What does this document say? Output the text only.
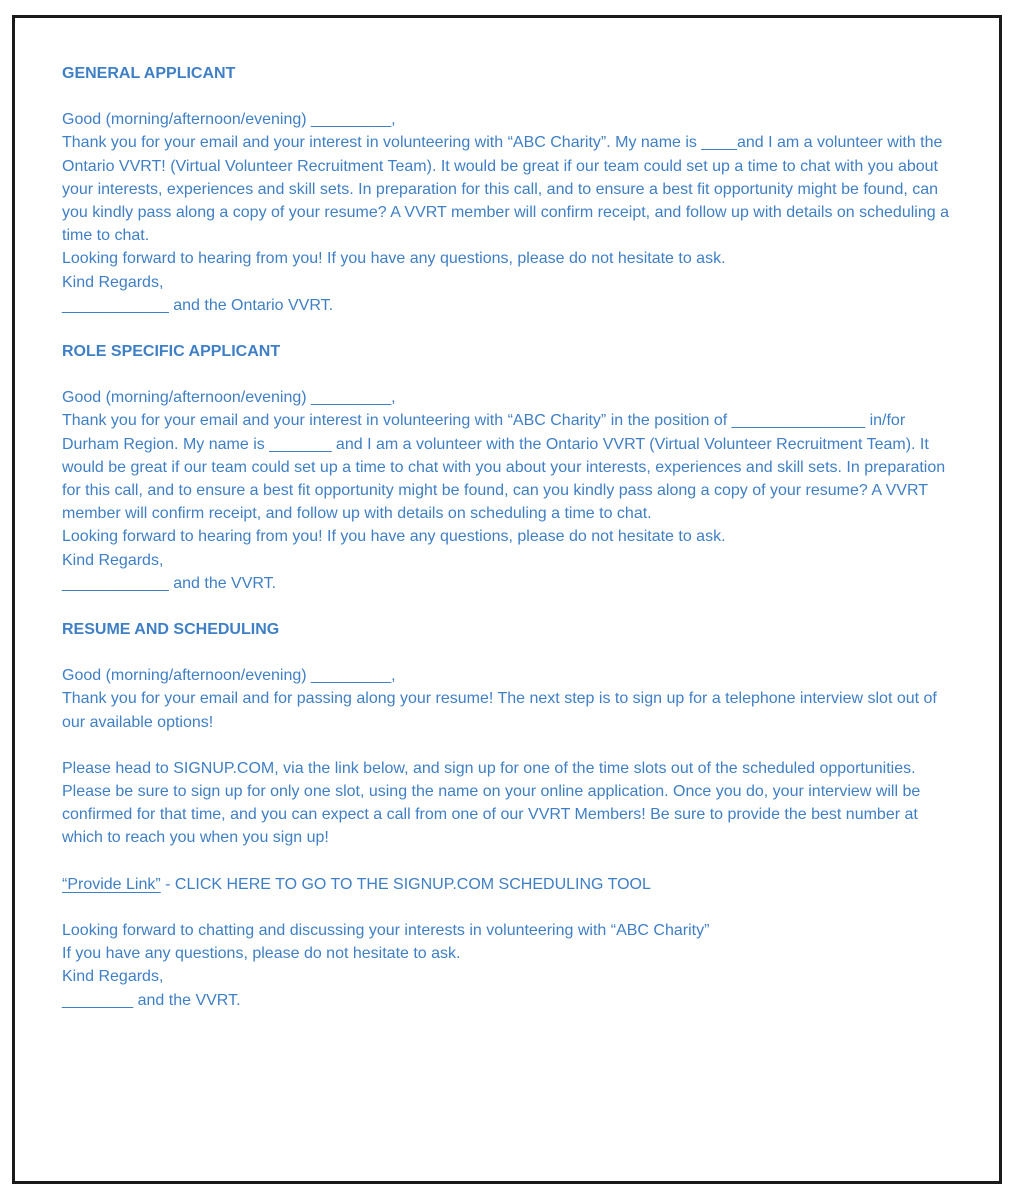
GENERAL APPLICANT

Good (morning/afternoon/evening) _________,

Thank you for your email and your interest in volunteering with “ABC Charity”. My name is ____and I am a volunteer with the Ontario VVRT! (Virtual Volunteer Recruitment Team). It would be great if our team could set up a time to chat with you about your interests, experiences and skill sets. In preparation for this call, and to ensure a best fit opportunity might be found, can you kindly pass along a copy of your resume? A VVRT member will confirm receipt, and follow up with details on scheduling a time to chat.

Looking forward to hearing from you! If you have any questions, please do not hesitate to ask.

Kind Regards,

____________ and the Ontario VVRT.

ROLE SPECIFIC APPLICANT

Good (morning/afternoon/evening) _________,

Thank you for your email and your interest in volunteering with “ABC Charity” in the position of _______________ in/for Durham Region. My name is _______ and I am a volunteer with the Ontario VVRT (Virtual Volunteer Recruitment Team). It would be great if our team could set up a time to chat with you about your interests, experiences and skill sets. In preparation for this call, and to ensure a best fit opportunity might be found, can you kindly pass along a copy of your resume? A VVRT member will confirm receipt, and follow up with details on scheduling a time to chat.

Looking forward to hearing from you! If you have any questions, please do not hesitate to ask.

Kind Regards,

____________ and the VVRT.

RESUME AND SCHEDULING

Good (morning/afternoon/evening) _________,

Thank you for your email and for passing along your resume! The next step is to sign up for a telephone interview slot out of our available options!

Please head to SIGNUP.COM, via the link below, and sign up for one of the time slots out of the scheduled opportunities. Please be sure to sign up for only one slot, using the name on your online application. Once you do, your interview will be confirmed for that time, and you can expect a call from one of our VVRT Members! Be sure to provide the best number at which to reach you when you sign up!

“Provide Link” - CLICK HERE TO GO TO THE SIGNUP.COM SCHEDULING TOOL

Looking forward to chatting and discussing your interests in volunteering with “ABC Charity”

If you have any questions, please do not hesitate to ask.

Kind Regards,

________ and the VVRT.
